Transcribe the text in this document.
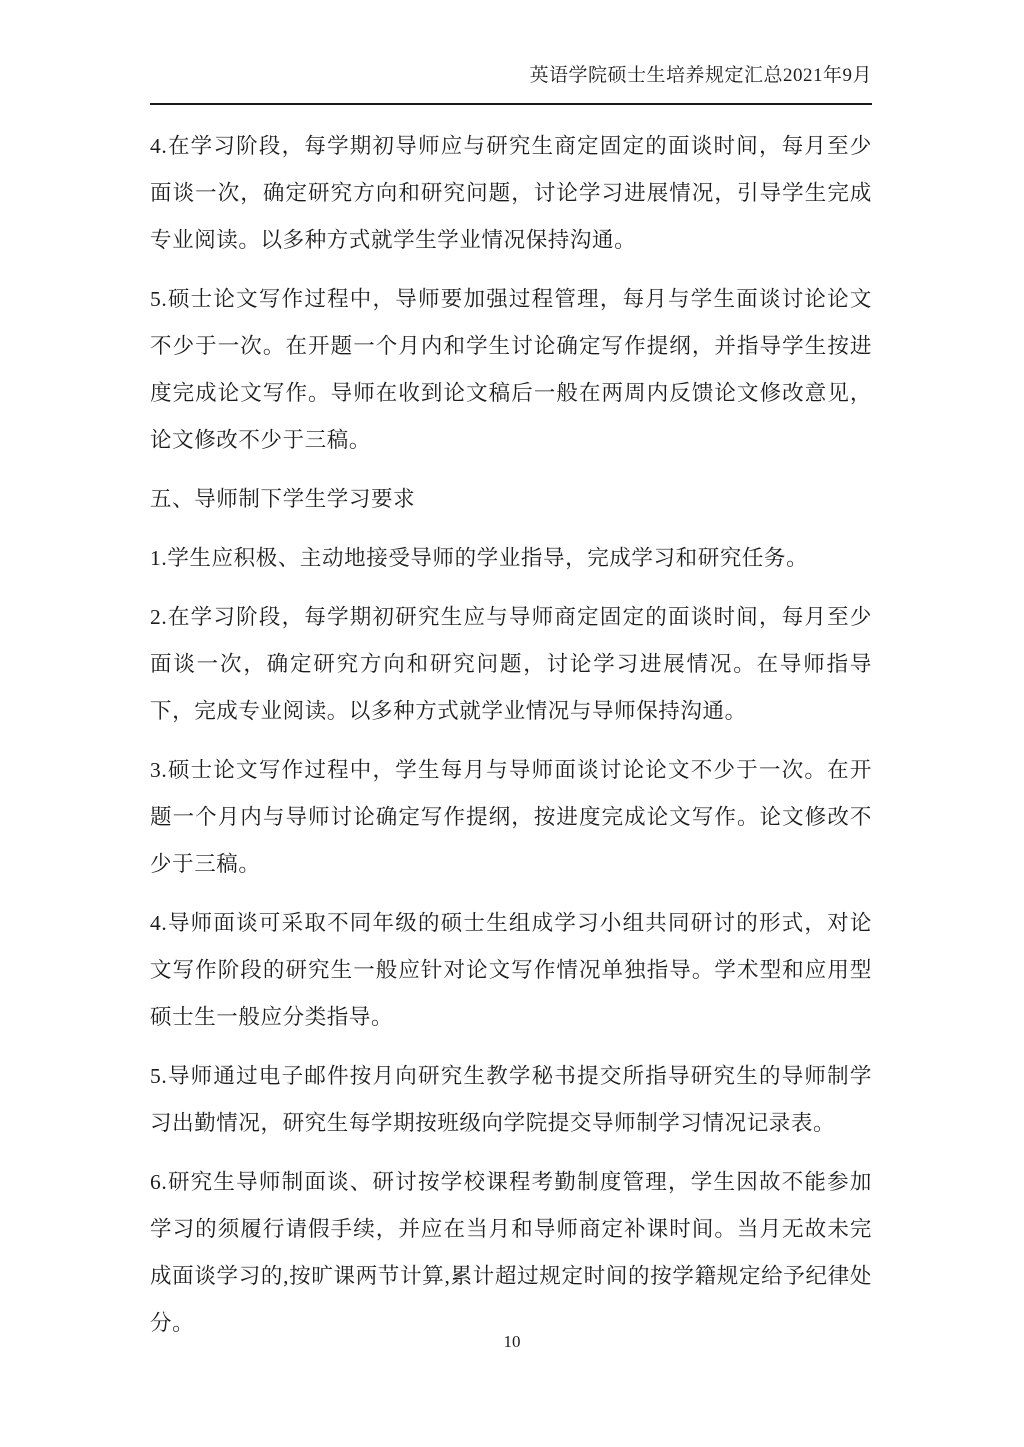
英语学院硕士生培养规定汇总2021年9月

4.在学习阶段，每学期初导师应与研究生商定固定的面谈时间，每月至少面谈一次，确定研究方向和研究问题，讨论学习进展情况，引导学生完成专业阅读。以多种方式就学生学业情况保持沟通。

5.硕士论文写作过程中，导师要加强过程管理，每月与学生面谈讨论论文不少于一次。在开题一个月内和学生讨论确定写作提纲，并指导学生按进度完成论文写作。导师在收到论文稿后一般在两周内反馈论文修改意见，论文修改不少于三稿。

五、导师制下学生学习要求

1.学生应积极、主动地接受导师的学业指导，完成学习和研究任务。

2.在学习阶段，每学期初研究生应与导师商定固定的面谈时间，每月至少面谈一次，确定研究方向和研究问题，讨论学习进展情况。在导师指导下，完成专业阅读。以多种方式就学业情况与导师保持沟通。

3.硕士论文写作过程中，学生每月与导师面谈讨论论文不少于一次。在开题一个月内与导师讨论确定写作提纲，按进度完成论文写作。论文修改不少于三稿。

4.导师面谈可采取不同年级的硕士生组成学习小组共同研讨的形式，对论文写作阶段的研究生一般应针对论文写作情况单独指导。学术型和应用型硕士生一般应分类指导。

5.导师通过电子邮件按月向研究生教学秘书提交所指导研究生的导师制学习出勤情况，研究生每学期按班级向学院提交导师制学习情况记录表。

6.研究生导师制面谈、研讨按学校课程考勤制度管理，学生因故不能参加学习的须履行请假手续，并应在当月和导师商定补课时间。当月无故未完成面谈学习的,按旷课两节计算,累计超过规定时间的按学籍规定给予纪律处分。

10
